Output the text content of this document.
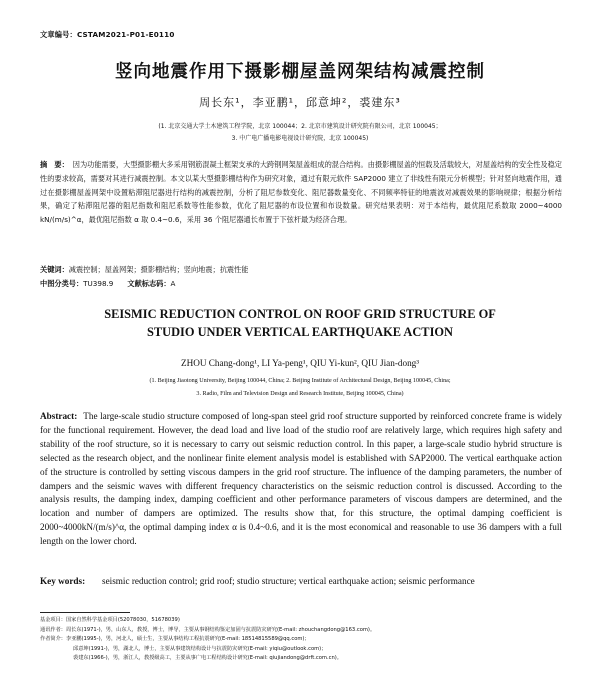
文章编号：CSTAM2021-P01-E0110
竖向地震作用下摄影棚屋盖网架结构减震控制
周长东¹，李亚鹏¹，邱意坤²，裘建东³
(1. 北京交通大学土木建筑工程学院，北京 100044；2. 北京市建筑设计研究院有限公司，北京 100045；
3. 中广电广播电影电视设计研究院，北京 100045)
摘　要： 因为功能需要，大型摄影棚大多采用钢筋混凝土框架支承的大跨钢网架屋盖组成的混合结构。由摄影棚屋盖的恒载及活载较大，对屋盖结构的安全性及稳定性的要求较高，需要对其进行减震控制。本文以某大型摄影棚结构作为研究对象，通过有限元软件 SAP2000 建立了非线性有限元分析模型；针对竖向地震作用，通过在摄影棚屋盖网架中设置粘滞阻尼器进行结构的减震控制，分析了阻尼参数变化、阻尼器数量变化、不同频率特征的地震波对减震效果的影响规律；根据分析结果，确定了粘滞阻尼器的阻尼指数和阻尼系数等性能参数，优化了阻尼器的布设位置和布设数量。研究结果表明：对于本结构，最优阻尼系数取 2000~4000 kN/(m/s)^α，最优阻尼指数 α 取 0.4~0.6，采用 36 个阻尼器通长布置于下弦杆最为经济合理。
关键词：减震控制；屋盖网架；摄影棚结构；竖向地震；抗震性能
中图分类号：TU398.9 文献标志码：A
SEISMIC REDUCTION CONTROL ON ROOF GRID STRUCTURE OF
STUDIO UNDER VERTICAL EARTHQUAKE ACTION
ZHOU Chang-dong¹, LI Ya-peng¹, QIU Yi-kun², QIU Jian-dong³
(1. Beijing Jiaotong University, Beijing 100044, China; 2. Beijing Institute of Architectural Design, Beijing 100045, China;
3. Radio, Film and Television Design and Research Institute, Beijing 100045, China)
Abstract: The large-scale studio structure composed of long-span steel grid roof structure supported by reinforced concrete frame is widely for the functional requirement. However, the dead load and live load of the studio roof are relatively large, which requires high safety and stability of the roof structure, so it is necessary to carry out seismic reduction control. In this paper, a large-scale studio hybrid structure is selected as the research object, and the nonlinear finite element analysis model is established with SAP2000. The vertical earthquake action of the structure is controlled by setting viscous dampers in the grid roof structure. The influence of the damping parameters, the number of dampers and the seismic waves with different frequency characteristics on the seismic reduction control is discussed. According to the analysis results, the damping index, damping coefficient and other performance parameters of viscous dampers are determined, and the location and number of dampers are optimized. The results show that, for this structure, the optimal damping coefficient is 2000~4000kN/(m/s)^α, the optimal damping index α is 0.4~0.6, and it is the most economical and reasonable to use 36 dampers with a full length on the lower chord.
Key words:	seismic reduction control; grid roof; studio structure; vertical earthquake action; seismic performance
基金项目：国家自然科学基金项目(52078030，51678039)
通讯作者：周长东(1971-)，男，山东人，教授，博士，博导，主要从事钢结构鉴定加固与抗震防灾研究(E-mail: zhouchangdong@163.com)。
作者简介：李亚鹏(1995-)，男，河北人，硕士生，主要从事结构工程抗震研究(E-mail: 18514815589@qq.com)；
邱意坤(1991-)，男，湖北人，博士，主要从事建筑结构设计与抗震防灾研究(E-mail: yiqiu@outlook.com)；
裘建东(1966-)，男，浙江人，教授级高工，主要从事广电工程结构设计研究(E-mail: qiujiandong@drft.com.cn)。
